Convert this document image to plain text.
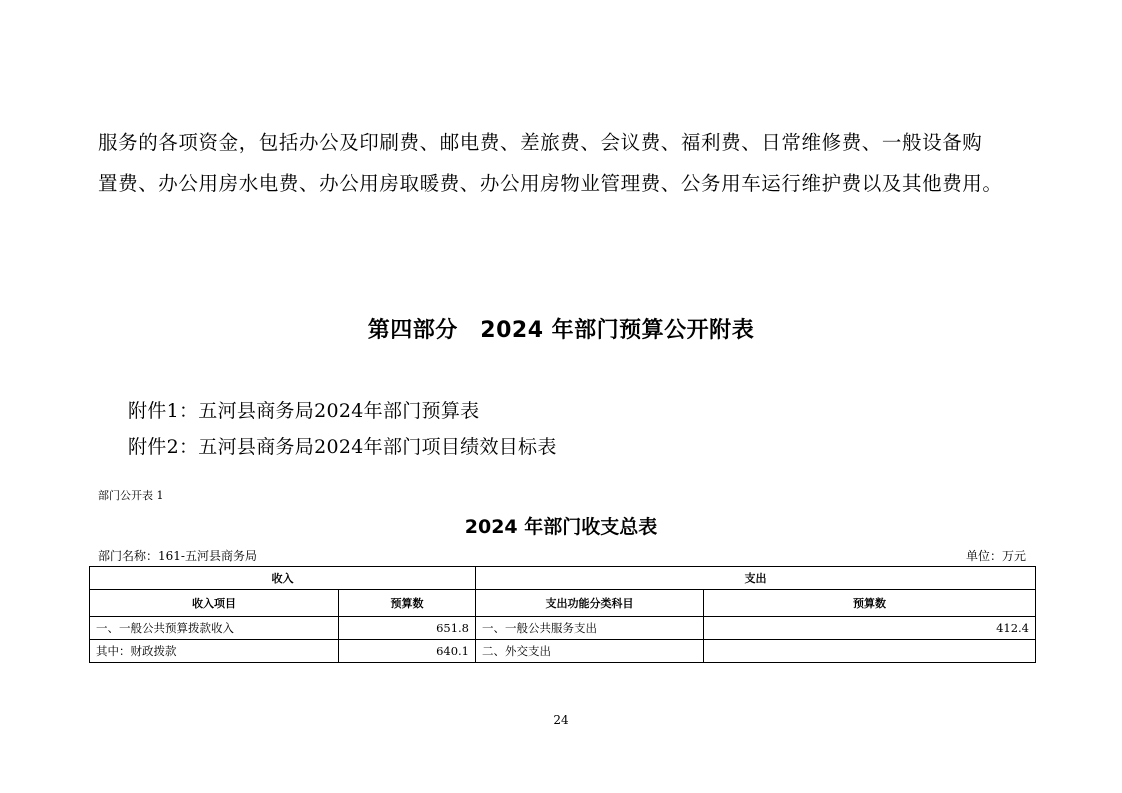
服务的各项资金，包括办公及印刷费、邮电费、差旅费、会议费、福利费、日常维修费、一般设备购
置费、办公用房水电费、办公用房取暖费、办公用房物业管理费、公务用车运行维护费以及其他费用。
第四部分　2024 年部门预算公开附表
附件1：五河县商务局2024年部门预算表
附件2：五河县商务局2024年部门项目绩效目标表
部门公开表 1
2024 年部门收支总表
部门名称：161-五河县商务局	单位：万元
收入		支出	
收入项目	预算数	支出功能分类科目	预算数
一、一般公共预算拨款收入	651.8	一、一般公共服务支出	412.4
其中：财政拨款	640.1	二、外交支出	
24
